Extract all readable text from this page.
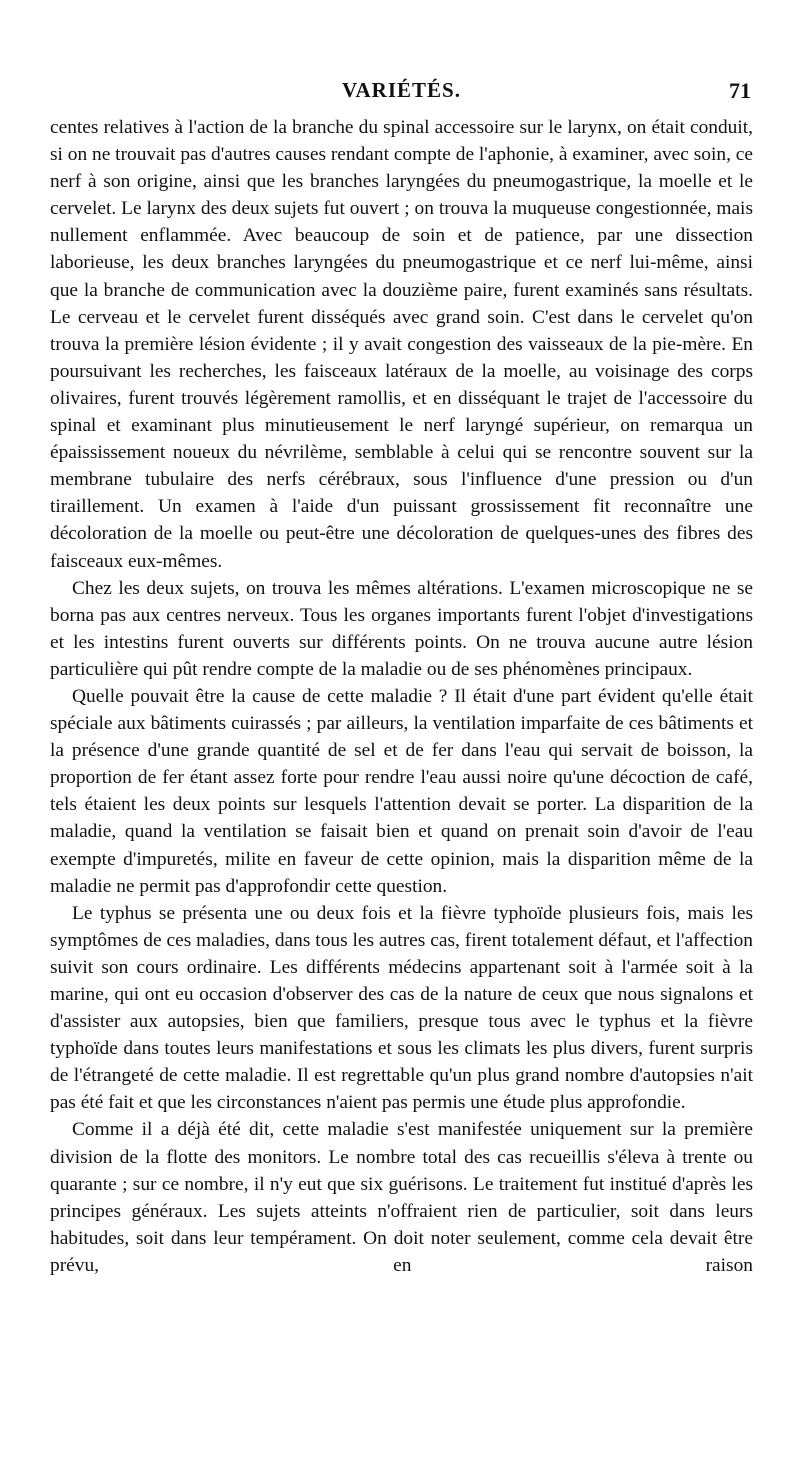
VARIÉTÉS.	71

centes relatives à l'action de la branche du spinal accessoire sur le larynx, on était conduit, si on ne trouvait pas d'autres causes rendant compte de l'aphonie, à examiner, avec soin, ce nerf à son origine, ainsi que les branches laryngées du pneumogastrique, la moelle et le cervelet. Le larynx des deux sujets fut ouvert ; on trouva la muqueuse congestionnée, mais nullement enflammée. Avec beaucoup de soin et de patience, par une dissection laborieuse, les deux branches laryngées du pneumogastrique et ce nerf lui-même, ainsi que la branche de communication avec la douzième paire, furent examinés sans résultats. Le cerveau et le cervelet furent disséqués avec grand soin. C'est dans le cervelet qu'on trouva la première lésion évidente ; il y avait congestion des vaisseaux de la pie-mère. En poursuivant les recherches, les faisceaux latéraux de la moelle, au voisinage des corps olivaires, furent trouvés légèrement ramollis, et en disséquant le trajet de l'accessoire du spinal et examinant plus minutieusement le nerf laryngé supérieur, on remarqua un épaississement noueux du névrilème, semblable à celui qui se rencontre souvent sur la membrane tubulaire des nerfs cérébraux, sous l'influence d'une pression ou d'un tiraillement. Un examen à l'aide d'un puissant grossissement fit reconnaître une décoloration de la moelle ou peut-être une décoloration de quelques-unes des fibres des faisceaux eux-mêmes.

Chez les deux sujets, on trouva les mêmes altérations. L'examen microscopique ne se borna pas aux centres nerveux. Tous les organes importants furent l'objet d'investigations et les intestins furent ouverts sur différents points. On ne trouva aucune autre lésion particulière qui pût rendre compte de la maladie ou de ses phénomènes principaux.

Quelle pouvait être la cause de cette maladie ? Il était d'une part évident qu'elle était spéciale aux bâtiments cuirassés ; par ailleurs, la ventilation imparfaite de ces bâtiments et la présence d'une grande quantité de sel et de fer dans l'eau qui servait de boisson, la proportion de fer étant assez forte pour rendre l'eau aussi noire qu'une décoction de café, tels étaient les deux points sur lesquels l'attention devait se porter. La disparition de la maladie, quand la ventilation se faisait bien et quand on prenait soin d'avoir de l'eau exempte d'impuretés, milite en faveur de cette opinion, mais la disparition même de la maladie ne permit pas d'approfondir cette question.

Le typhus se présenta une ou deux fois et la fièvre typhoïde plusieurs fois, mais les symptômes de ces maladies, dans tous les autres cas, firent totalement défaut, et l'affection suivit son cours ordinaire. Les différents médecins appartenant soit à l'armée soit à la marine, qui ont eu occasion d'observer des cas de la nature de ceux que nous signalons et d'assister aux autopsies, bien que familiers, presque tous avec le typhus et la fièvre typhoïde dans toutes leurs manifestations et sous les climats les plus divers, furent surpris de l'étrangeté de cette maladie. Il est regrettable qu'un plus grand nombre d'autopsies n'ait pas été fait et que les circonstances n'aient pas permis une étude plus approfondie.

Comme il a déjà été dit, cette maladie s'est manifestée uniquement sur la première division de la flotte des monitors. Le nombre total des cas recueillis s'éleva à trente ou quarante ; sur ce nombre, il n'y eut que six guérisons. Le traitement fut institué d'après les principes généraux. Les sujets atteints n'offraient rien de particulier, soit dans leurs habitudes, soit dans leur tempérament. On doit noter seulement, comme cela devait être prévu, en raison
